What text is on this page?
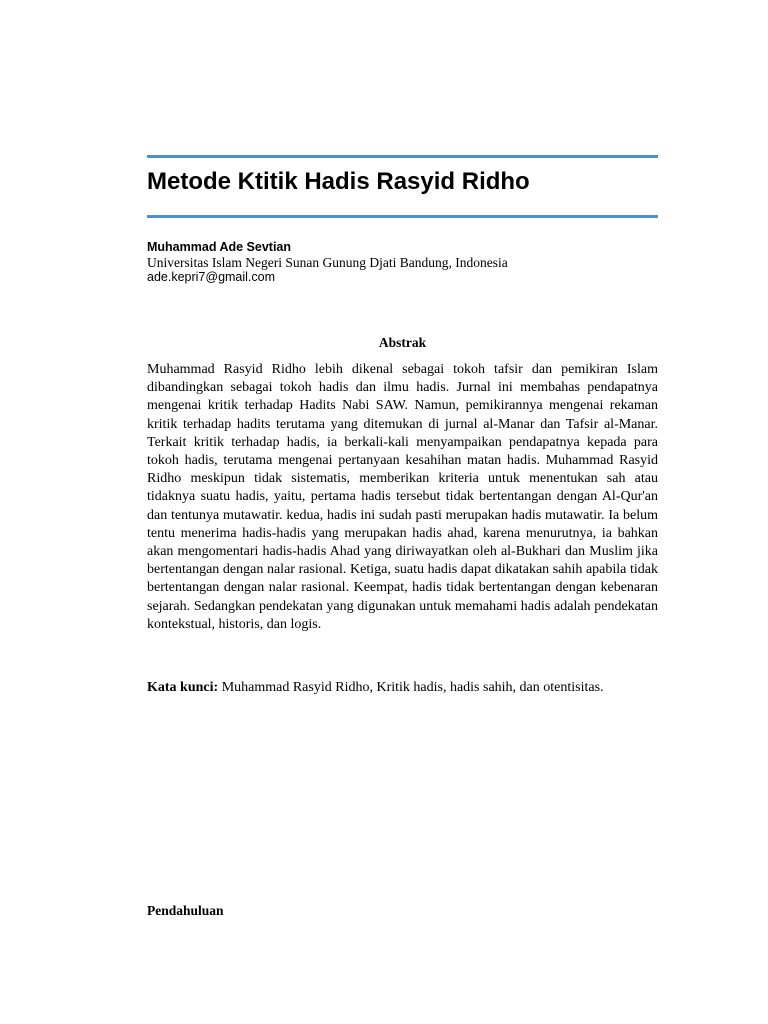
Metode Ktitik Hadis Rasyid Ridho
Muhammad Ade Sevtian
Universitas Islam Negeri Sunan Gunung Djati Bandung, Indonesia
ade.kepri7@gmail.com
Abstrak

Muhammad Rasyid Ridho lebih dikenal sebagai tokoh tafsir dan pemikiran Islam dibandingkan sebagai tokoh hadis dan ilmu hadis. Jurnal ini membahas pendapatnya mengenai kritik terhadap Hadits Nabi SAW. Namun, pemikirannya mengenai rekaman kritik terhadap hadits terutama yang ditemukan di jurnal al-Manar dan Tafsir al-Manar. Terkait kritik terhadap hadis, ia berkali-kali menyampaikan pendapatnya kepada para tokoh hadis, terutama mengenai pertanyaan kesahihan matan hadis. Muhammad Rasyid Ridho meskipun tidak sistematis, memberikan kriteria untuk menentukan sah atau tidaknya suatu hadis, yaitu, pertama hadis tersebut tidak bertentangan dengan Al-Qur'an dan tentunya mutawatir. kedua, hadis ini sudah pasti merupakan hadis mutawatir. Ia belum tentu menerima hadis-hadis yang merupakan hadis ahad, karena menurutnya, ia bahkan akan mengomentari hadis-hadis Ahad yang diriwayatkan oleh al-Bukhari dan Muslim jika bertentangan dengan nalar rasional. Ketiga, suatu hadis dapat dikatakan sahih apabila tidak bertentangan dengan nalar rasional. Keempat, hadis tidak bertentangan dengan kebenaran sejarah. Sedangkan pendekatan yang digunakan untuk memahami hadis adalah pendekatan kontekstual, historis, dan logis.

Kata kunci: Muhammad Rasyid Ridho, Kritik hadis, hadis sahih, dan otentisitas.

Pendahuluan
